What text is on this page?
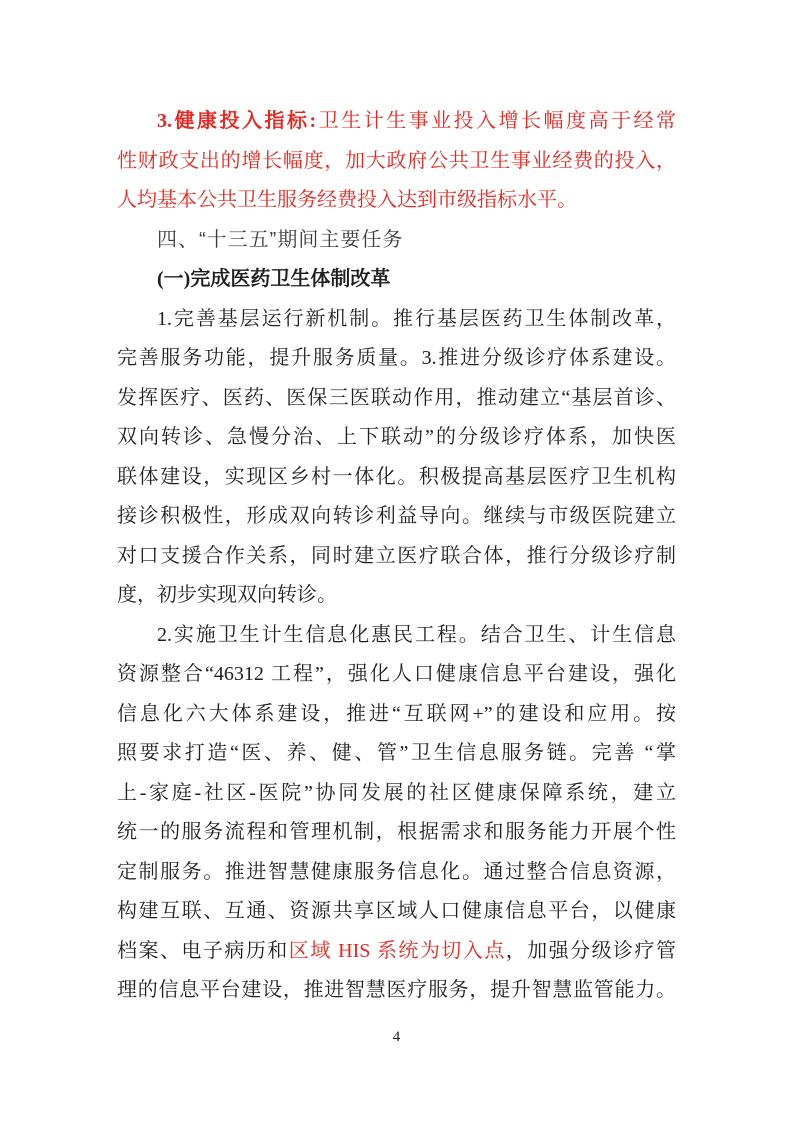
3.健康投入指标:卫生计生事业投入增长幅度高于经常
性财政支出的增长幅度，加大政府公共卫生事业经费的投入，
人均基本公共卫生服务经费投入达到市级指标水平。
四、“十三五”期间主要任务
(一)完成医药卫生体制改革
1.完善基层运行新机制。推行基层医药卫生体制改革，
完善服务功能，提升服务质量。3.推进分级诊疗体系建设。
发挥医疗、医药、医保三医联动作用，推动建立“基层首诊、
双向转诊、急慢分治、上下联动”的分级诊疗体系，加快医
联体建设，实现区乡村一体化。积极提高基层医疗卫生机构
接诊积极性，形成双向转诊利益导向。继续与市级医院建立
对口支援合作关系，同时建立医疗联合体，推行分级诊疗制
度，初步实现双向转诊。
2.实施卫生计生信息化惠民工程。结合卫生、计生信息
资源整合“46312 工程”，强化人口健康信息平台建设，强化
信息化六大体系建设，推进“互联网+”的建设和应用。按
照要求打造“医、养、健、管”卫生信息服务链。完善 “掌
上-家庭-社区-医院”协同发展的社区健康保障系统，建立
统一的服务流程和管理机制，根据需求和服务能力开展个性
定制服务。推进智慧健康服务信息化。通过整合信息资源，
构建互联、互通、资源共享区域人口健康信息平台，以健康
档案、电子病历和区域 HIS 系统为切入点，加强分级诊疗管
理的信息平台建设，推进智慧医疗服务，提升智慧监管能力。
4
